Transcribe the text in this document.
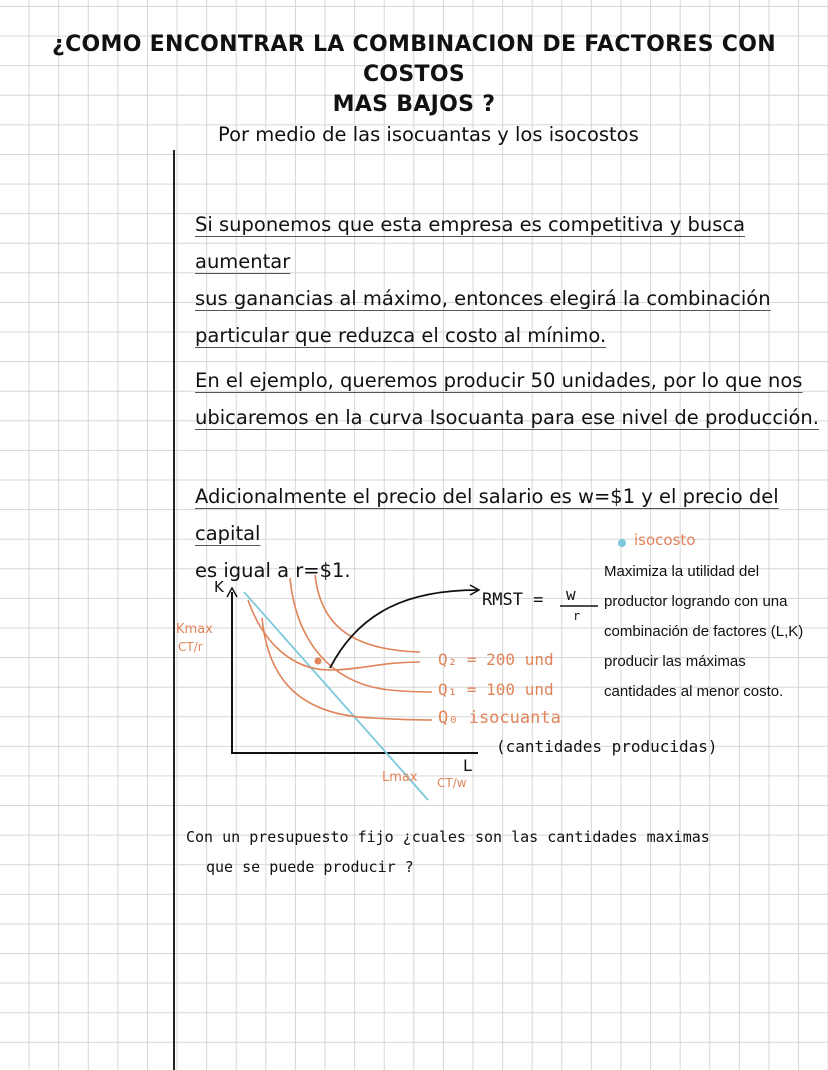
¿COMO ENCONTRAR LA COMBINACION DE FACTORES CON COSTOS
MAS BAJOS ?
Por medio de las isocuantas y los isocostos

Si suponemos que esta empresa es competitiva y busca aumentar

sus ganancias al máximo, entonces elegirá la combinación

particular que reduzca el costo al mínimo.

En el ejemplo, queremos producir 50 unidades, por lo que nos

ubicaremos en la curva Isocuanta para ese nivel de producción.

Adicionalmente el precio del salario es w=$1 y el precio del capital

es igual a r=$1.

K
Kmax
CT/r
Lmax CT/w
L
RMST = w
r
Q₂ = 200 und
Q₁ = 100 und
Q₀ isocuanta
(cantidades producidas)
isocosto
Maximiza la utilidad del
productor logrando con una
combinación de factores (L,K)
producir las máximas
cantidades al menor costo.
Con un presupuesto fijo ¿cuales son las cantidades maximas
que se puede producir ?
